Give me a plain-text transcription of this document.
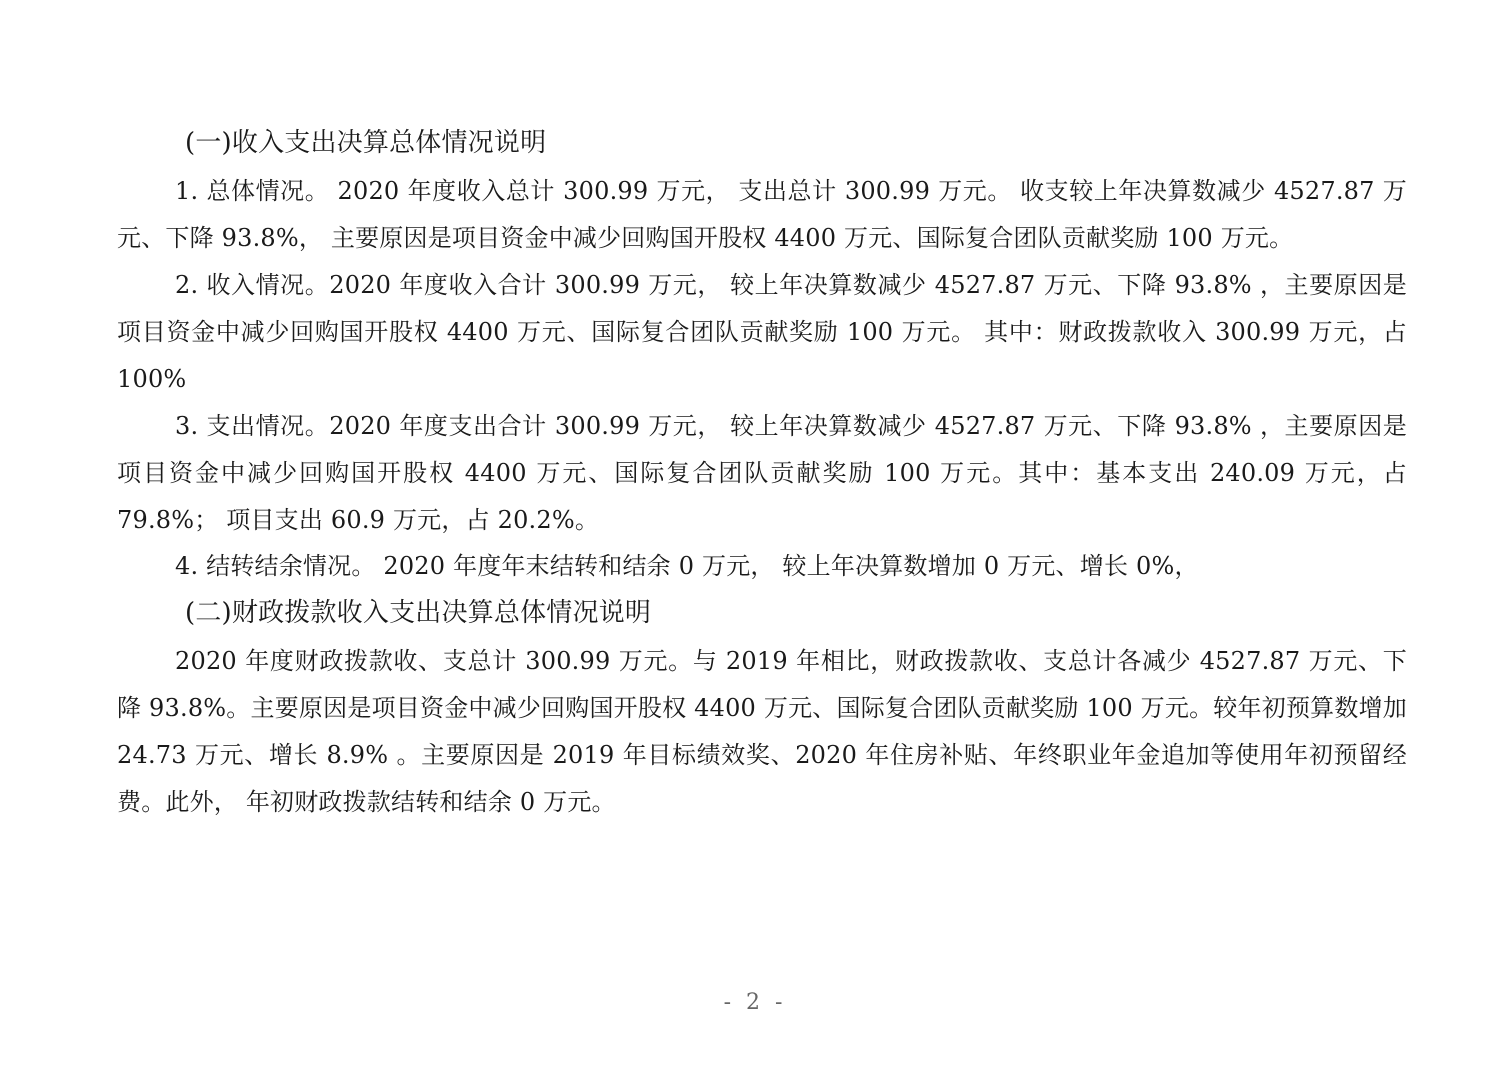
(一)收入支出决算总体情况说明

1. 总体情况。 2020 年度收入总计 300.99 万元， 支出总计 300.99 万元。 收支较上年决算数减少 4527.87 万元、下降 93.8%， 主要原因是项目资金中减少回购国开股权 4400 万元、国际复合团队贡献奖励 100 万元。

2. 收入情况。2020 年度收入合计 300.99 万元， 较上年决算数减少 4527.87 万元、下降 93.8% ，主要原因是项目资金中减少回购国开股权 4400 万元、国际复合团队贡献奖励 100 万元。 其中：财政拨款收入 300.99 万元，占 100%

3. 支出情况。2020 年度支出合计 300.99 万元， 较上年决算数减少 4527.87 万元、下降 93.8% ，主要原因是项目资金中减少回购国开股权 4400 万元、国际复合团队贡献奖励 100 万元。其中：基本支出 240.09 万元，占 79.8%； 项目支出 60.9 万元，占 20.2%。

4. 结转结余情况。 2020 年度年末结转和结余 0 万元， 较上年决算数增加 0 万元、增长 0%，

(二)财政拨款收入支出决算总体情况说明

2020 年度财政拨款收、支总计 300.99 万元。与 2019 年相比，财政拨款收、支总计各减少 4527.87 万元、下降 93.8%。主要原因是项目资金中减少回购国开股权 4400 万元、国际复合团队贡献奖励 100 万元。较年初预算数增加 24.73 万元、增长 8.9% 。主要原因是 2019 年目标绩效奖、2020 年住房补贴、年终职业年金追加等使用年初预留经费。此外， 年初财政拨款结转和结余 0 万元。

- 2 -
